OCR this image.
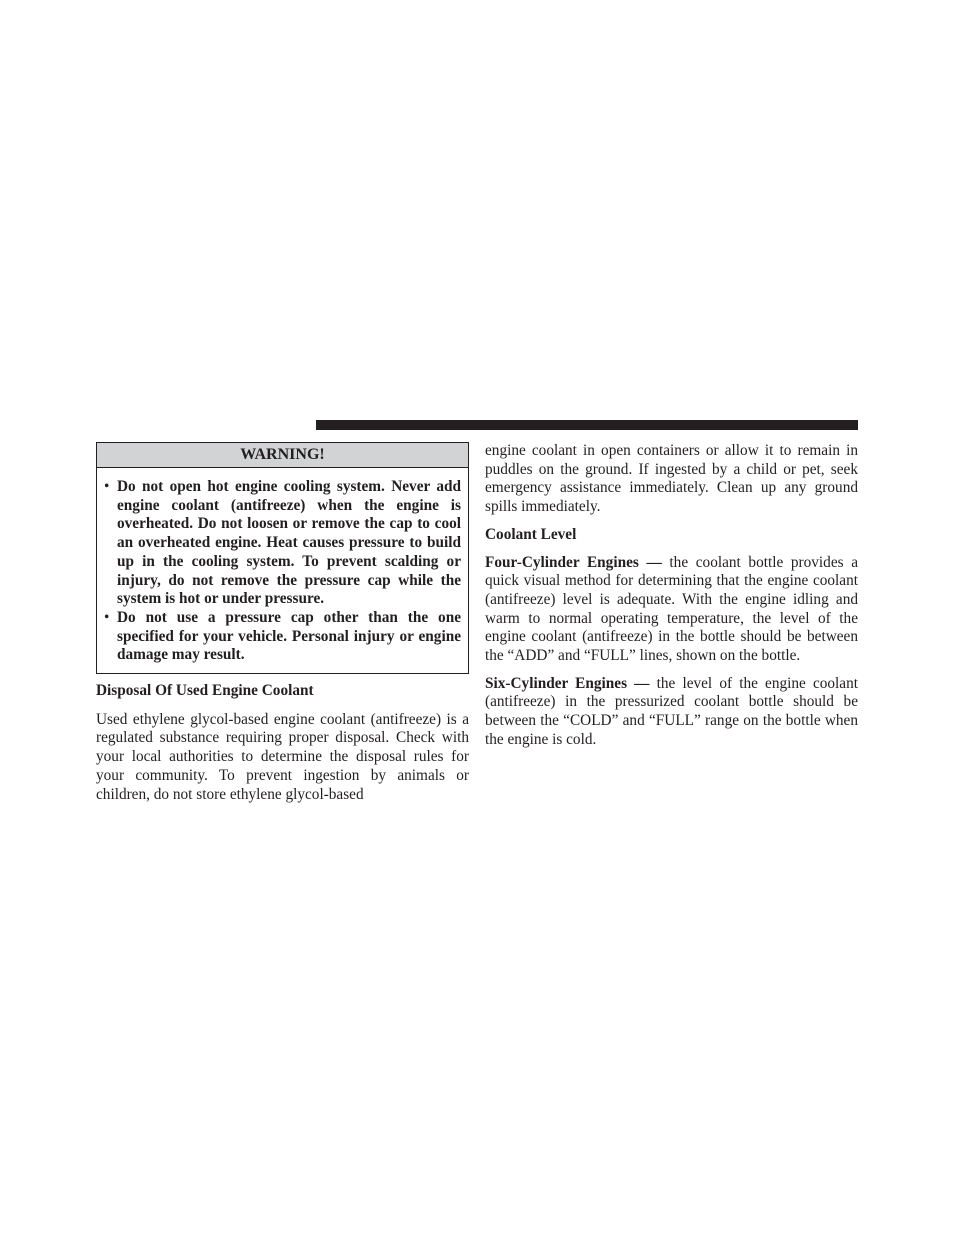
WARNING!
• Do not open hot engine cooling system. Never add engine coolant (antifreeze) when the engine is overheated. Do not loosen or remove the cap to cool an overheated engine. Heat causes pressure to build up in the cooling system. To prevent scalding or injury, do not remove the pressure cap while the system is hot or under pressure.
• Do not use a pressure cap other than the one specified for your vehicle. Personal injury or engine damage may result.
Disposal Of Used Engine Coolant

Used ethylene glycol-based engine coolant (antifreeze) is a regulated substance requiring proper disposal. Check with your local authorities to determine the disposal rules for your community. To prevent ingestion by animals or children, do not store ethylene glycol-based

engine coolant in open containers or allow it to remain in puddles on the ground. If ingested by a child or pet, seek emergency assistance immediately. Clean up any ground spills immediately.

Coolant Level

Four-Cylinder Engines — the coolant bottle provides a quick visual method for determining that the engine coolant (antifreeze) level is adequate. With the engine idling and warm to normal operating temperature, the level of the engine coolant (antifreeze) in the bottle should be between the “ADD” and “FULL” lines, shown on the bottle.

Six-Cylinder Engines — the level of the engine coolant (antifreeze) in the pressurized coolant bottle should be between the “COLD” and “FULL” range on the bottle when the engine is cold.
